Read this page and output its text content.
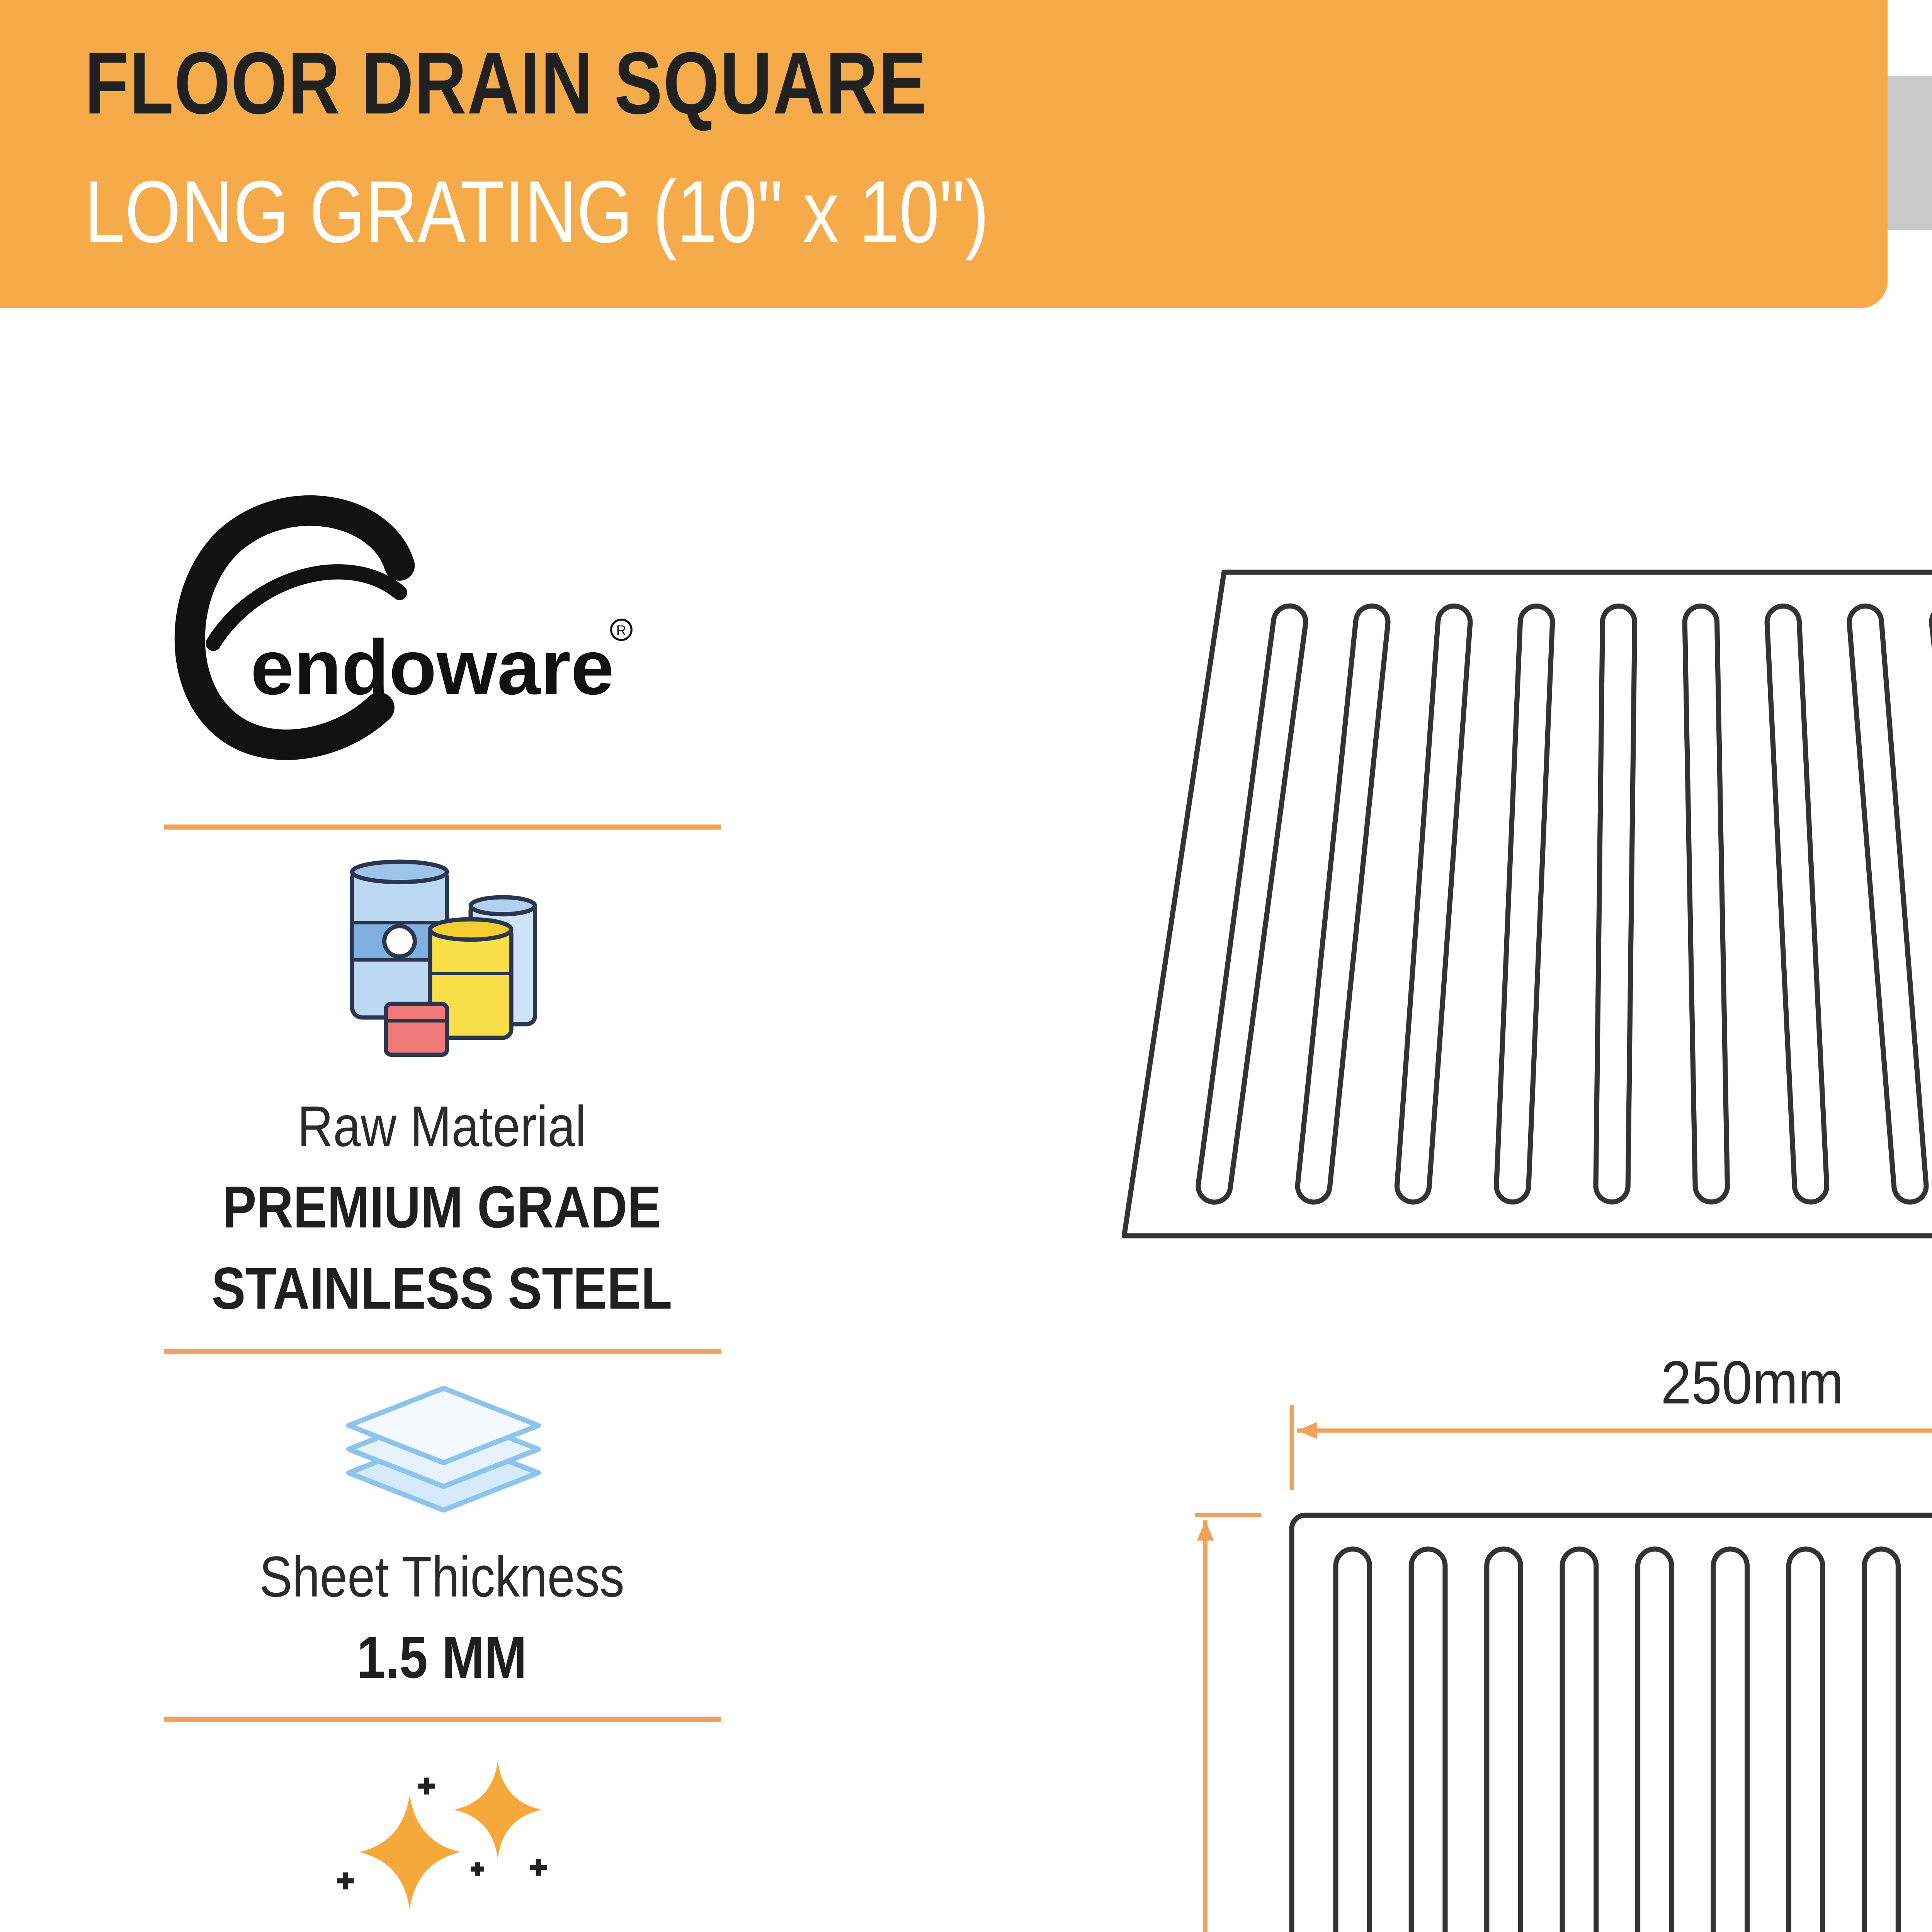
FLOOR DRAIN SQUARE
LONG GRATING (10" x 10")
endoware R
Raw Material
PREMIUM GRADE
STAINLESS STEEL
Sheet Thickness
1.5 MM
250mm
